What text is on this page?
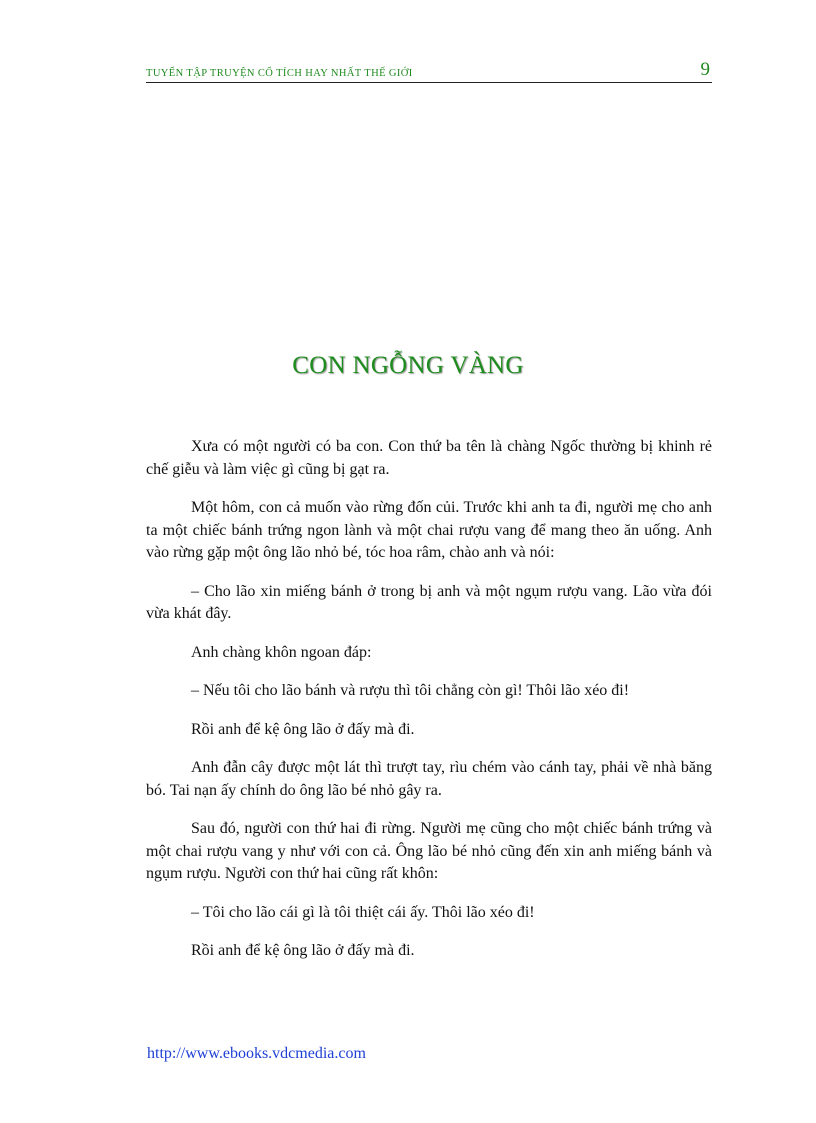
TUYỂN TẬP TRUYỆN CỔ TÍCH HAY NHẤT THẾ GIỚI	9
CON NGỖNG VÀNG

Xưa có một người có ba con. Con thứ ba tên là chàng Ngốc thường bị khinh rẻ chế giễu và làm việc gì cũng bị gạt ra.

Một hôm, con cả muốn vào rừng đốn củi. Trước khi anh ta đi, người mẹ cho anh ta một chiếc bánh trứng ngon lành và một chai rượu vang để mang theo ăn uống. Anh vào rừng gặp một ông lão nhỏ bé, tóc hoa râm, chào anh và nói:

– Cho lão xin miếng bánh ở trong bị anh và một ngụm rượu vang. Lão vừa đói vừa khát đây.

Anh chàng khôn ngoan đáp:

– Nếu tôi cho lão bánh và rượu thì tôi chẳng còn gì! Thôi lão xéo đi!

Rồi anh để kệ ông lão ở đấy mà đi.

Anh đẫn cây được một lát thì trượt tay, rìu chém vào cánh tay, phải về nhà băng bó. Tai nạn ấy chính do ông lão bé nhỏ gây ra.

Sau đó, người con thứ hai đi rừng. Người mẹ cũng cho một chiếc bánh trứng và một chai rượu vang y như với con cả. Ông lão bé nhỏ cũng đến xin anh miếng bánh và ngụm rượu. Người con thứ hai cũng rất khôn:

– Tôi cho lão cái gì là tôi thiệt cái ấy. Thôi lão xéo đi!

Rồi anh để kệ ông lão ở đấy mà đi.

http://www.ebooks.vdcmedia.com
